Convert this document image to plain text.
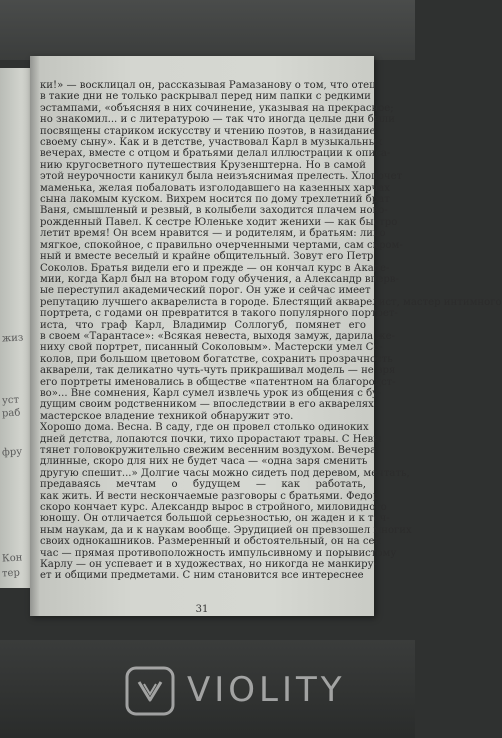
жиз
уст
раб
фру
Кон
тер
ки!» — восклицал он, рассказывая Рамазанову о том, что отец
в такие дни не только раскрывал перед ним папки с редкими
эстампами, «объясняя в них сочинение, указывая на прекрасное;
но знакомил... и с литературою — так что иногда целые дни были
посвящены стариком искусству и чтению поэтов, в назидание
своему сыну». Как и в детстве, участвовал Карл в музыкальных
вечерах, вместе с отцом и братьями делал иллюстрации к описа-
нию кругосветного путешествия Крузенштерна. Но в самой
этой неурочности каникул была неизъяснимая прелесть. Хлопочет
маменька, желая побаловать изголодавшего на казенных харчах
сына лакомым куском. Вихрем носится по дому трехлетний брат
Ваня, смышленый и резвый, в колыбели заходится плачем ново-
рожденный Павел. К сестре Юленьке ходит женихи — как быстро
летит время! Он всем нравится — и родителям, и братьям: лицо
мягкое, спокойное, с правильно очерченными чертами, сам скром-
ный и вместе веселый и крайне общительный. Зовут его Петр
Соколов. Братья видели его и прежде — он кончал курс в Акаде-
мии, когда Карл был на втором году обучения, а Александр вперв-
ые переступил академический порог. Он уже и сейчас имеет
репутацию лучшего акварелиста в городе. Блестящий акварелист, мастер интимного
портрета, с годами он превратится в такого популярного портрет-
иста, что граф Карл, Владимир Соллогуб, помянет его
в своем «Тарантасе»: «Всякая невеста, выходя замуж, дарила же-
ниху свой портрет, писанный Соколовым». Мастерски умел Со-
колов, при большом цветовом богатстве, сохранить прозрачность
акварели, так деликатно чуть-чуть прикрашивал модель — не зря
его портреты именовались в обществе «патентном на благородст-
во»... Вне сомнения, Карл сумел извлечь урок из общения с бу-
дущим своим родственником — впоследствии в его акварелях
мастерское владение техникой обнаружит это.
Хорошо дома. Весна. В саду, где он провел столько одиноких
дней детства, лопаются почки, тихо прорастают травы. С Невы
тянет головокружительно свежим весенним воздухом. Вечера
длинные, скоро для них не будет часа — «одна заря сменить
другую спешит...» Долгие часы можно сидеть под деревом, мечтать,
предаваясь мечтам о будущем — как работать,
как жить. И вести нескончаемые разговоры с братьями. Федор
скоро кончает курс. Александр вырос в стройного, миловидного
юношу. Он отличается большой серьезностью, он жаден и к точ-
ным наукам, да и к наукам вообще. Эрудицией он превзошел многих
своих однокашников. Размеренный и обстоятельный, он на сей
час — прямая противоположность импульсивному и порывистому
Карлу — он успевает и в художествах, но никогда не манкиру-
ет и общими предметами. С ним становится все интереснее
31
VIOLITY
